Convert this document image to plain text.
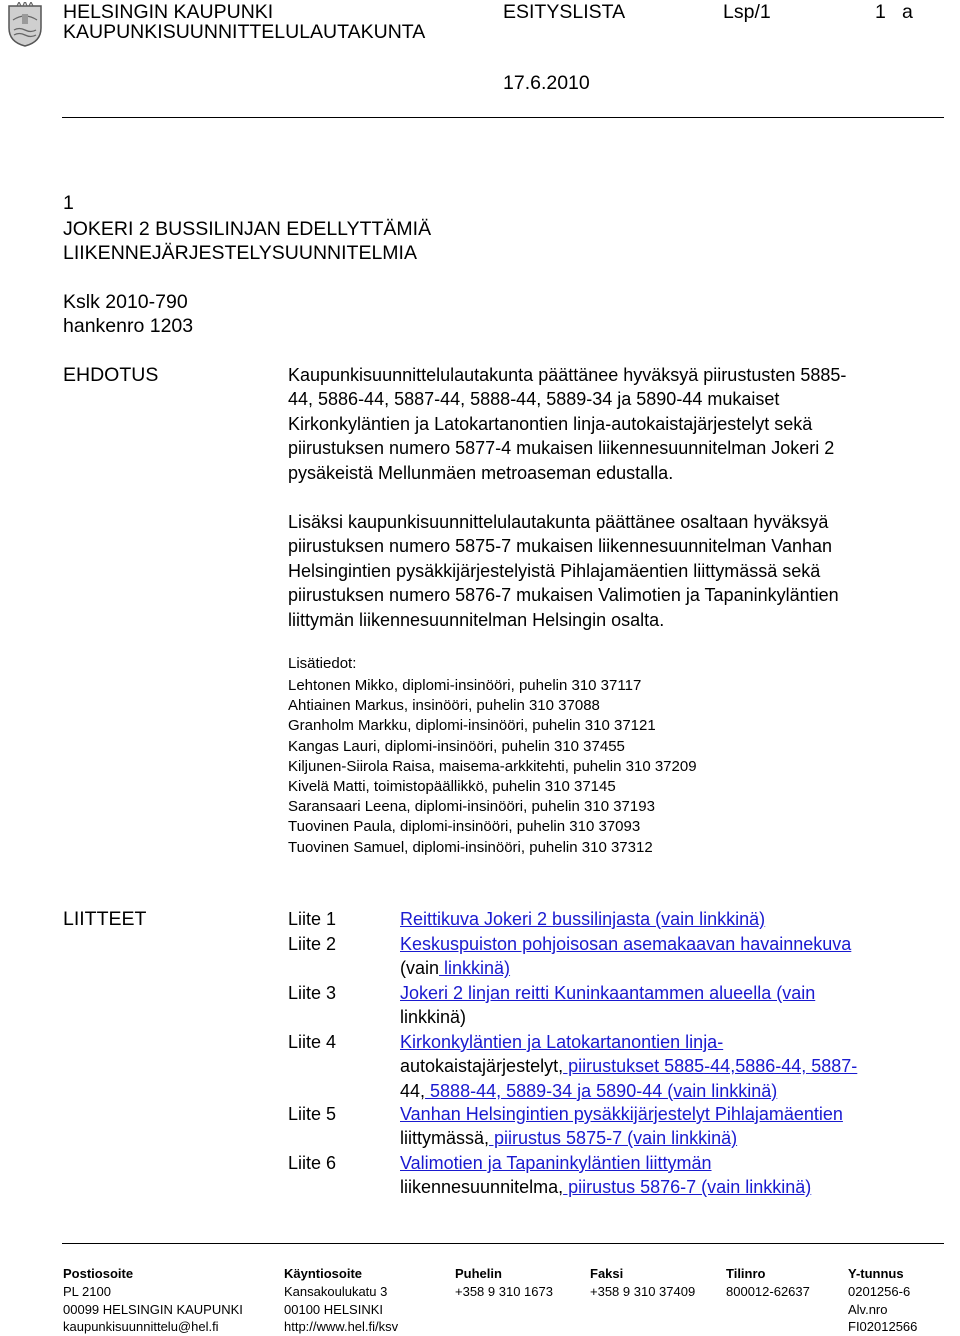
HELSINGIN KAUPUNKI
KAUPUNKISUUNNITTELULAUTAKUNTA
ESITYSLISTA	Lsp/1	1 a
17.6.2010
1
JOKERI 2 BUSSILINJAN EDELLYTTÄMIÄ
LIIKENNEJÄRJESTELYSUUNNITELMIA
Kslk 2010-790
hankenro 1203
EHDOTUS	Kaupunkisuunnittelulautakunta päättänee hyväksyä piirustusten 5885-
44, 5886-44, 5887-44, 5888-44, 5889-34 ja 5890-44 mukaiset
Kirkonkyläntien ja Latokartanontien linja-autokaistajärjestelyt sekä
piirustuksen numero 5877-4 mukaisen liikennesuunnitelman Jokeri 2
pysäkeistä Mellunmäen metroaseman edustalla.
Lisäksi kaupunkisuunnittelulautakunta päättänee osaltaan hyväksyä
piirustuksen numero 5875-7 mukaisen liikennesuunnitelman Vanhan
Helsingintien pysäkkijärjestelyistä Pihlajamäentien liittymässä sekä
piirustuksen numero 5876-7 mukaisen Valimotien ja Tapaninkyläntien
liittymän liikennesuunnitelman Helsingin osalta.
Lisätiedot:
Lehtonen Mikko, diplomi-insinööri, puhelin 310 37117
Ahtiainen Markus, insinööri, puhelin 310 37088
Granholm Markku, diplomi-insinööri, puhelin 310 37121
Kangas Lauri, diplomi-insinööri, puhelin 310 37455
Kiljunen-Siirola Raisa, maisema-arkkitehti, puhelin 310 37209
Kivelä Matti, toimistopäällikkö, puhelin 310 37145
Saransaari Leena, diplomi-insinööri, puhelin 310 37193
Tuovinen Paula, diplomi-insinööri, puhelin 310 37093
Tuovinen Samuel, diplomi-insinööri, puhelin 310 37312
LIITTEET	Liite 1	Reittikuva Jokeri 2 bussilinjasta (vain linkkinä)
Liite 2	Keskuspuiston pohjoisosan asemakaavan havainnekuva
(vain linkkinä)
Liite 3	Jokeri 2 linjan reitti Kuninkaantammen alueella (vain
linkkinä)
Liite 4	Kirkonkyläntien ja Latokartanontien linja-
autokaistajärjestelyt, piirustukset 5885-44,5886-44, 5887-
44, 5888-44, 5889-34 ja 5890-44 (vain linkkinä)
Liite 5	Vanhan Helsingintien pysäkkijärjestelyt Pihlajamäentien
liittymässä, piirustus 5875-7 (vain linkkinä)
Liite 6	Valimotien ja Tapaninkyläntien liittymän
liikennesuunnitelma, piirustus 5876-7 (vain linkkinä)
Postiosoite
PL 2100
00099 HELSINGIN KAUPUNKI
kaupunkisuunnittelu@hel.fi
Käyntiosoite
Kansakoulukatu 3
00100 HELSINKI
http://www.hel.fi/ksv
Puhelin
+358 9 310 1673
Faksi
+358 9 310 37409
Tilinro
800012-62637
Y-tunnus
0201256-6
Alv.nro
FI02012566
